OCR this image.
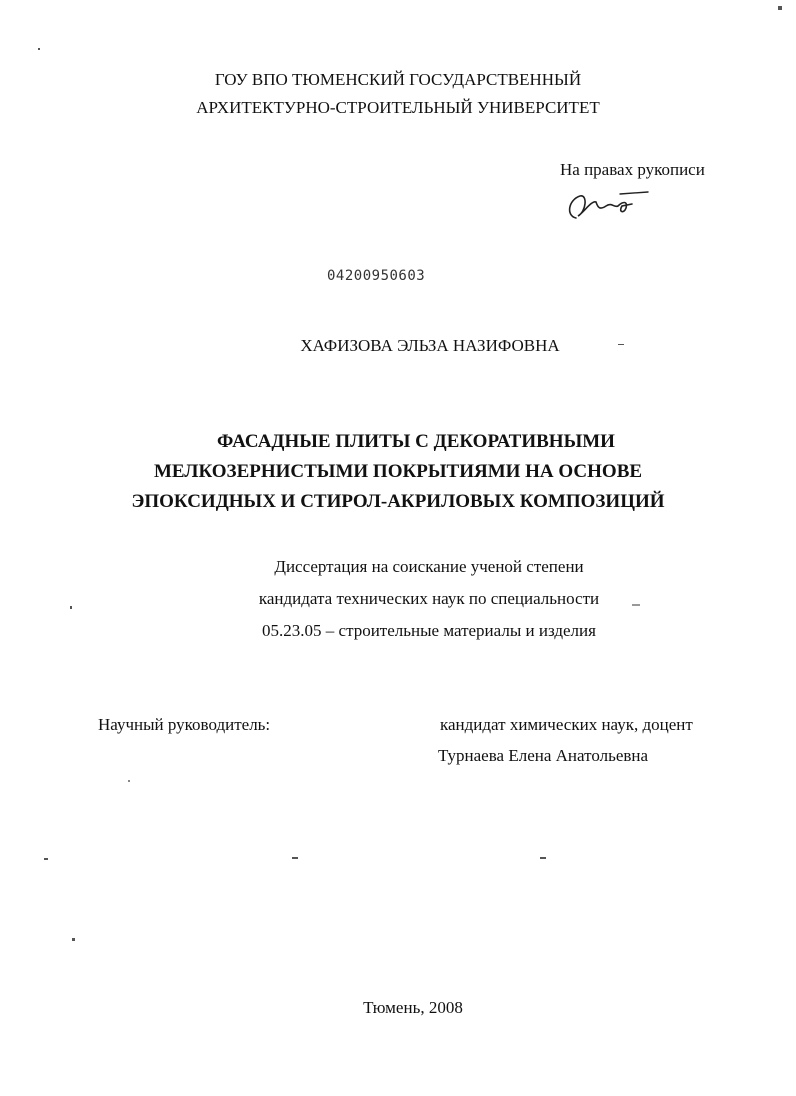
ГОУ ВПО ТЮМЕНСКИЙ ГОСУДАРСТВЕННЫЙ
АРХИТЕКТУРНО-СТРОИТЕЛЬНЫЙ УНИВЕРСИТЕТ
На правах рукописи
04200950603
ХАФИЗОВА ЭЛЬЗА НАЗИФОВНА
ФАСАДНЫЕ ПЛИТЫ С ДЕКОРАТИВНЫМИ
МЕЛКОЗЕРНИСТЫМИ ПОКРЫТИЯМИ НА ОСНОВЕ
ЭПОКСИДНЫХ И СТИРОЛ-АКРИЛОВЫХ КОМПОЗИЦИЙ
Диссертация на соискание ученой степени
кандидата технических наук по специальности
05.23.05 – строительные материалы и изделия
Научный руководитель:	кандидат химических наук, доцент
Турнаева Елена Анатольевна
Тюмень, 2008
